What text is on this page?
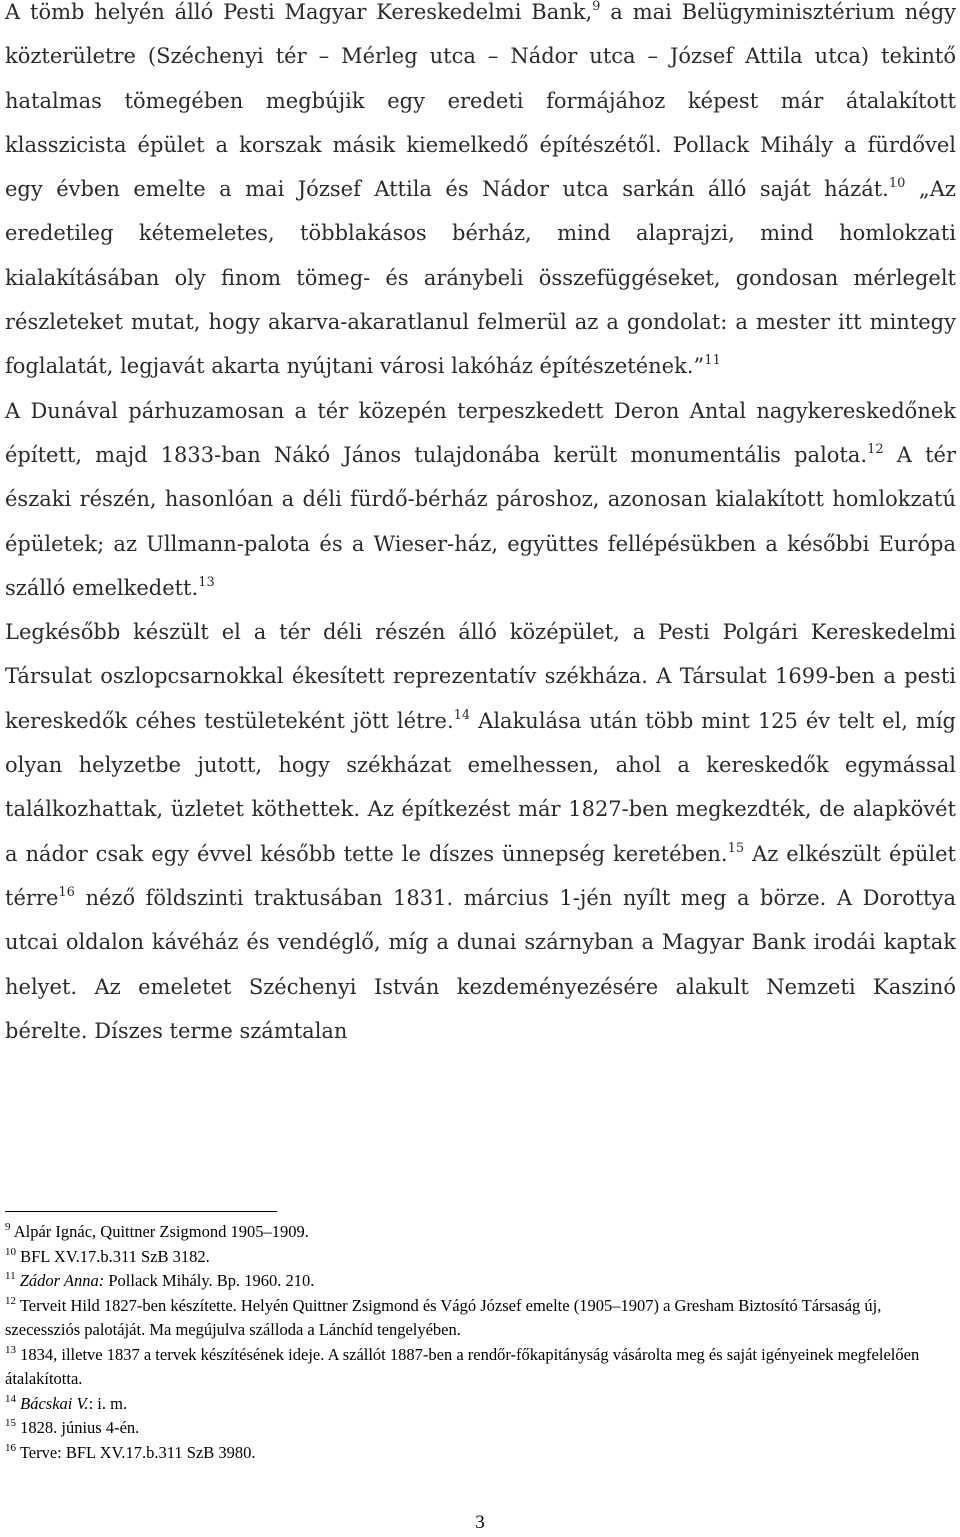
A tömb helyén álló Pesti Magyar Kereskedelmi Bank,$^9$ a mai Belügyminisztérium négy közterületre (Széchenyi tér – Mérleg utca – Nádor utca – József Attila utca) tekintő hatalmas tömegében megbújik egy eredeti formájához képest már átalakított klasszicista épület a korszak másik kiemelkedő építészétől. Pollack Mihály a fürdővel egy évben emelte a mai József Attila és Nádor utca sarkán álló saját házát.$^{10}$ „Az eredetileg kétemeletes, többlakásos bérház, mind alaprajzi, mind homlokzati kialakításában oly finom tömeg- és aránybeli összefüggéseket, gondosan mérlegelt részleteket mutat, hogy akarva-akaratlanul felmerül az a gondolat: a mester itt mintegy foglalatát, legjavát akarta nyújtani városi lakóház építészetének.”$^{11}$

A Dunával párhuzamosan a tér közepén terpeszkedett Deron Antal nagykereskedőnek épített, majd 1833-ban Nákó János tulajdonába került monumentális palota.$^{12}$ A tér északi részén, hasonlóan a déli fürdő-bérház pároshoz, azonosan kialakított homlokzatú épületek; az Ullmann-palota és a Wieser-ház, együttes fellépésükben a későbbi Európa szálló emelkedett.$^{13}$

Legkésőbb készült el a tér déli részén álló középület, a Pesti Polgári Kereskedelmi Társulat oszlopcsarnokkal ékesített reprezentatív székháza. A Társulat 1699-ben a pesti kereskedők céhes testületeként jött létre.$^{14}$ Alakulása után több mint 125 év telt el, míg olyan helyzetbe jutott, hogy székházat emelhessen, ahol a kereskedők egymással találkozhattak, üzletet köthettek. Az építkezést már 1827-ben megkezdték, de alapkövét a nádor csak egy évvel később tette le díszes ünnepség keretében.$^{15}$ Az elkészült épület térre$^{16}$ néző földszinti traktusában 1831. március 1-jén nyílt meg a börze. A Dorottya utcai oldalon kávéház és vendéglő, míg a dunai szárnyban a Magyar Bank irodái kaptak helyet. Az emeletet Széchenyi István kezdeményezésére alakult Nemzeti Kaszinó bérelte. Díszes terme számtalan

$^9$ Alpár Ignác, Quittner Zsigmond 1905–1909.
$^{10}$ BFL XV.17.b.311 SzB 3182.
$^{11}$ Zádor Anna: Pollack Mihály. Bp. 1960. 210.
$^{12}$ Terveit Hild 1827-ben készítette. Helyén Quittner Zsigmond és Vágó József emelte (1905–1907) a Gresham Biztosító Társaság új, szecessziós palotáját. Ma megújulva szálloda a Lánchíd tengelyében.
$^{13}$ 1834, illetve 1837 a tervek készítésének ideje. A szállót 1887-ben a rendőr-főkapitányság vásárolta meg és saját igényeinek megfelelően átalakította.
$^{14}$ Bácskai V.: i. m.
$^{15}$ 1828. június 4-én.
$^{16}$ Terve: BFL XV.17.b.311 SzB 3980.
3
